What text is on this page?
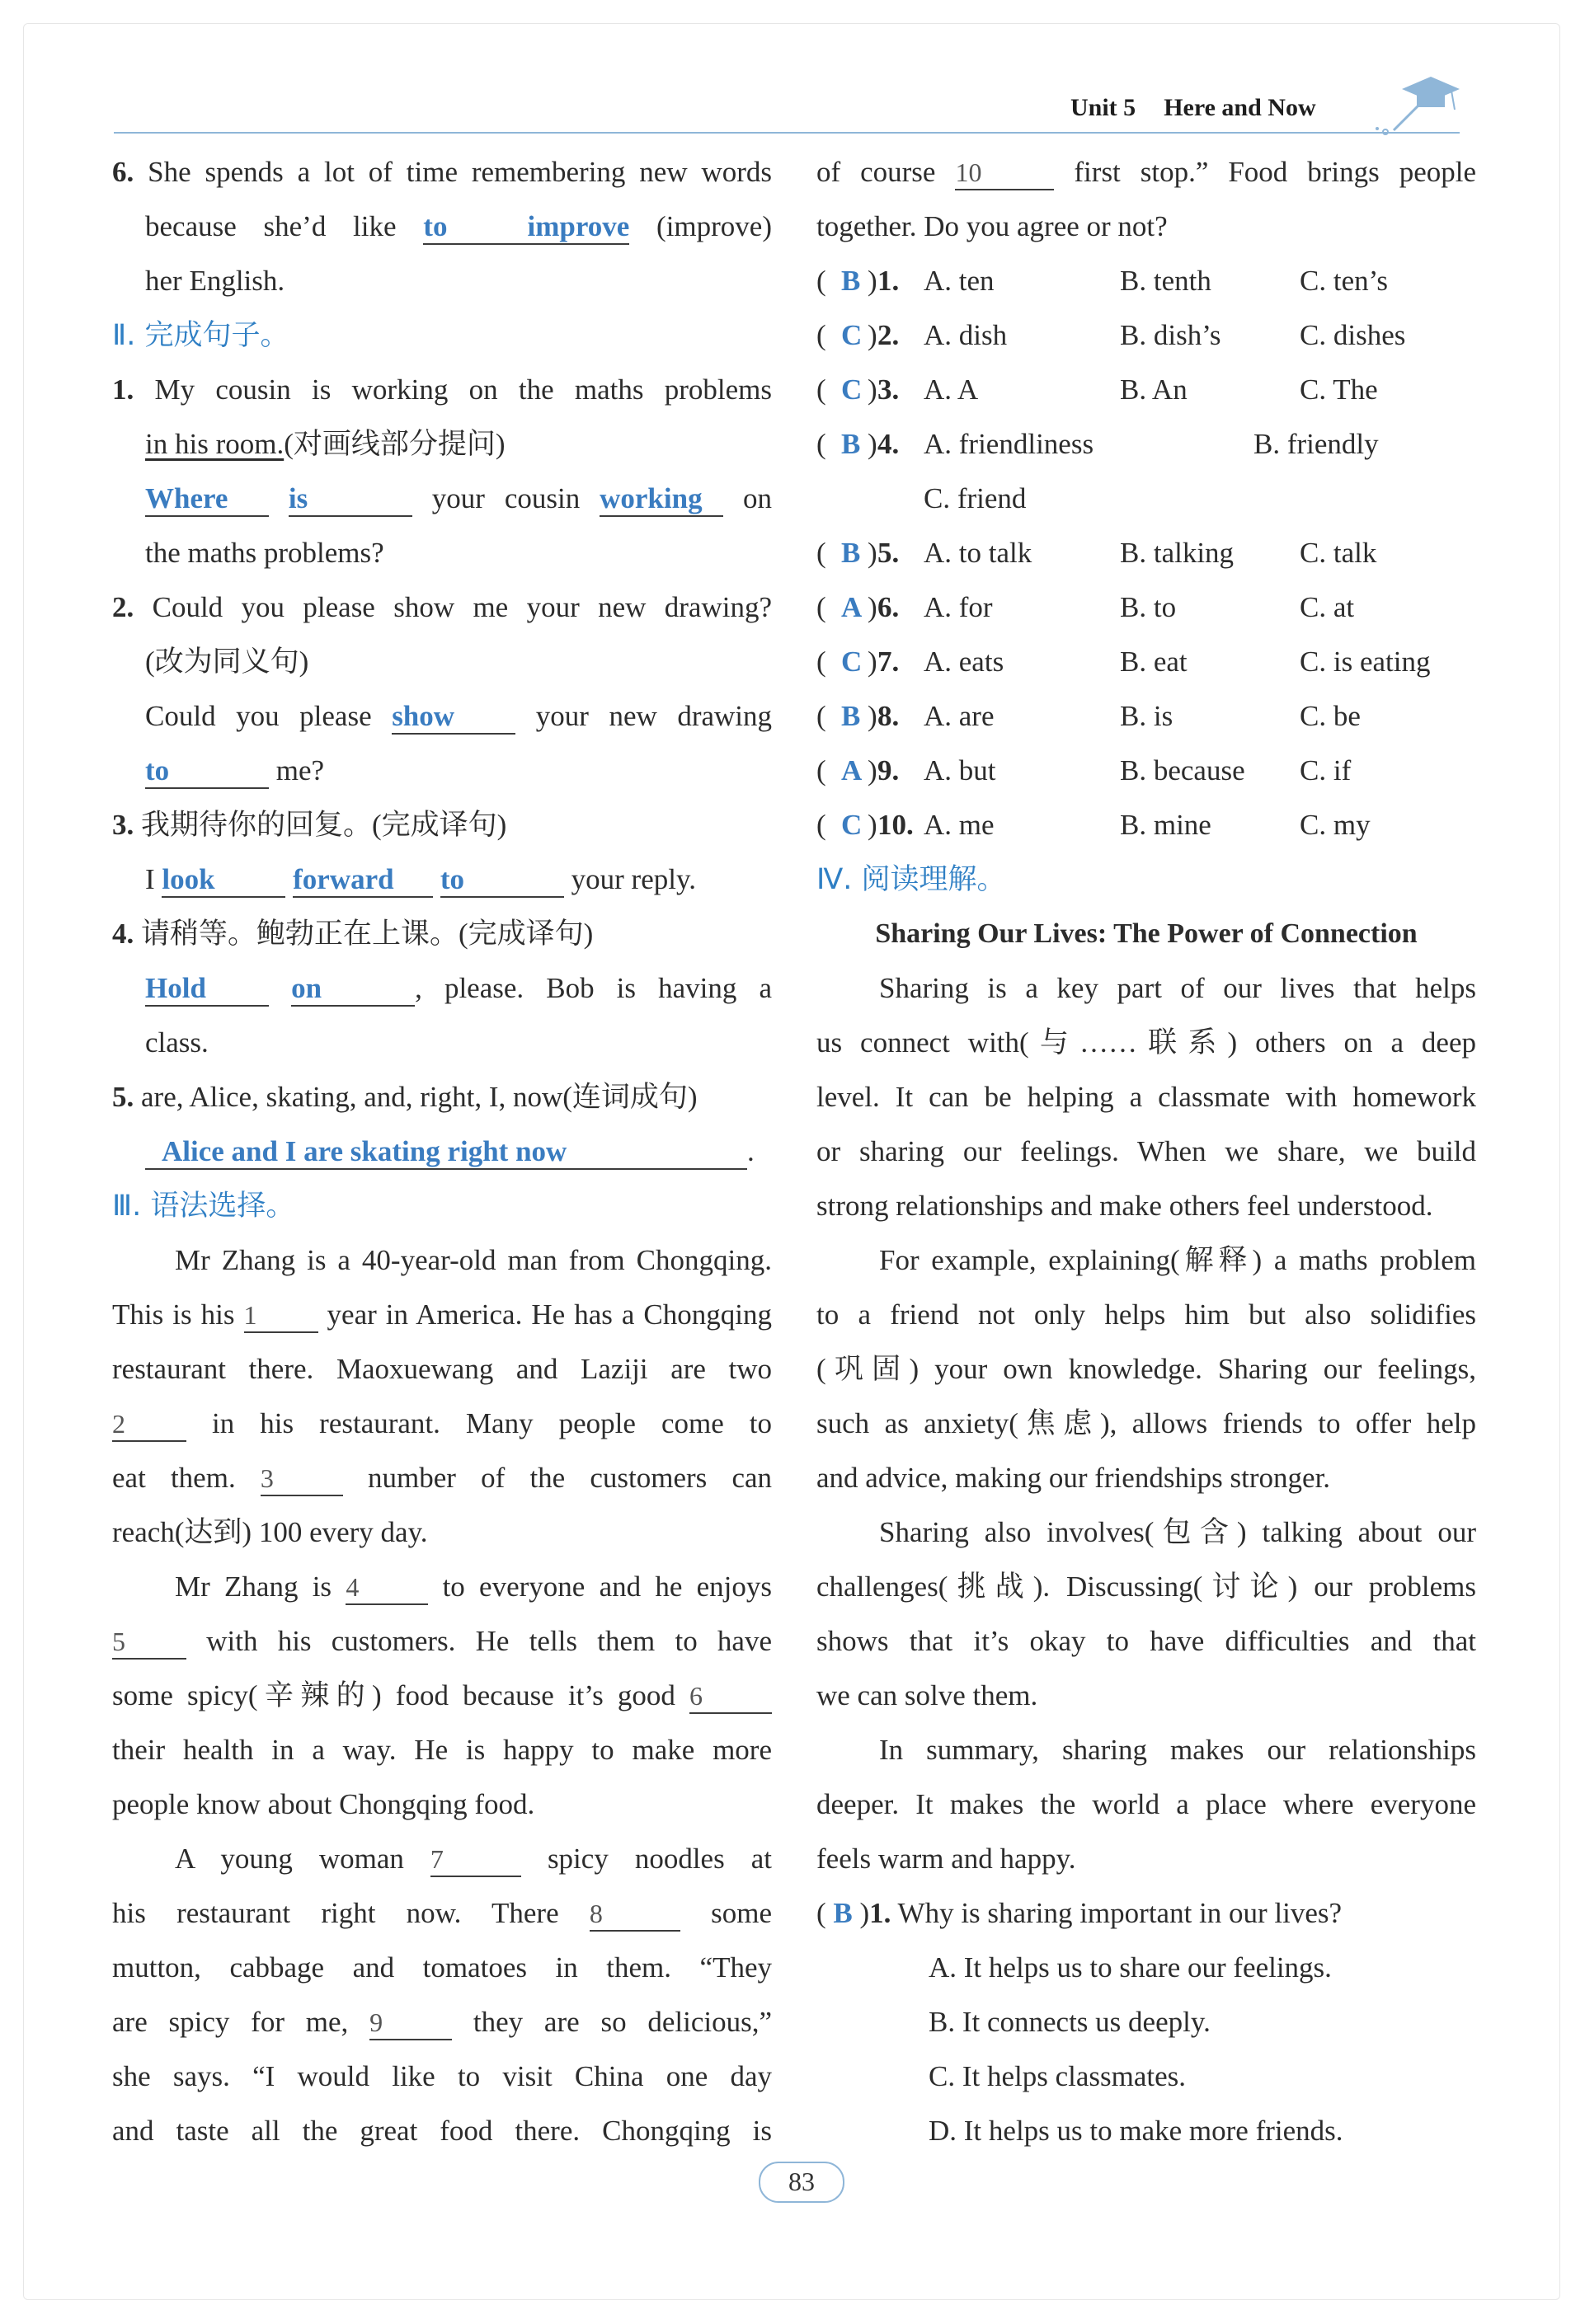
Unit 5 Here and Now
6. She spends a lot of time remembering new words
because she’d like to improve (improve)
her English.
Ⅱ. 完成句子。
1. My cousin is working on the maths problems
in his room.(对画线部分提问)
Where is	your cousin working on
the maths problems?
2. Could you please show me your new drawing?
(改为同义句)
Could you please show	your new drawing
to	me?
3. 我期待你的回复。(完成译句)
I look	forward to	your reply.
4. 请稍等。鲍勃正在上课。(完成译句)
Hold	on	, please. Bob is having a
class.
5. are, Alice, skating, and, right, I, now(连词成句)
Alice and I are skating right now	.
Ⅲ. 语法选择。
Mr Zhang is a 40-year-old man from Chongqing.
This is his 1 year in America. He has a Chongqing
restaurant there. Maoxuewang and Laziji are two
2	in his restaurant. Many people come to
eat them. 3	number of the customers can
reach(达到) 100 every day.
Mr Zhang is 4	to everyone and he enjoys
5	with his customers. He tells them to have
some spicy(辛辣的) food because it’s good 6
their health in a way. He is happy to make more
people know about Chongqing food.
A young woman 7	spicy noodles at
his restaurant right now. There 8	some
mutton, cabbage and tomatoes in them. “They
are spicy for me, 9	they are so delicious,”
she says. “I would like to visit China one day
and taste all the great food there. Chongqing is
of course 10	first stop.” Food brings people
together. Do you agree or not?
( B ) 1. A. ten	B. tenth	C. ten’s
( C ) 2. A. dish	B. dish’s	C. dishes
( C ) 3. A. A	B. An	C. The
( B ) 4. A. friendliness	B. friendly
C. friend
( B ) 5. A. to talk	B. talking C. talk
( A ) 6. A. for	B. to	C. at
( C ) 7. A. eats	B. eat	C. is eating
( B ) 8. A. are	B. is	C. be
( A ) 9. A. but	B. because C. if
( C ) 10. A. me	B. mine	C. my
Ⅳ. 阅读理解。
Sharing Our Lives: The Power of Connection
Sharing is a key part of our lives that helps
us connect with(与……联系) others on a deep
level. It can be helping a classmate with homework
or sharing our feelings. When we share, we build
strong relationships and make others feel understood.
For example, explaining(解释) a maths problem
to a friend not only helps him but also solidifies
(巩固) your own knowledge. Sharing our feelings,
such as anxiety(焦虑), allows friends to offer help
and advice, making our friendships stronger.
Sharing also involves(包含) talking about our
challenges(挑战). Discussing(讨论) our problems
shows that it’s okay to have difficulties and that
we can solve them.
In summary, sharing makes our relationships
deeper. It makes the world a place where everyone
feels warm and happy.
( B )1. Why is sharing important in our lives?
A. It helps us to share our feelings.
B. It connects us deeply.
C. It helps classmates.
D. It helps us to make more friends.
83
